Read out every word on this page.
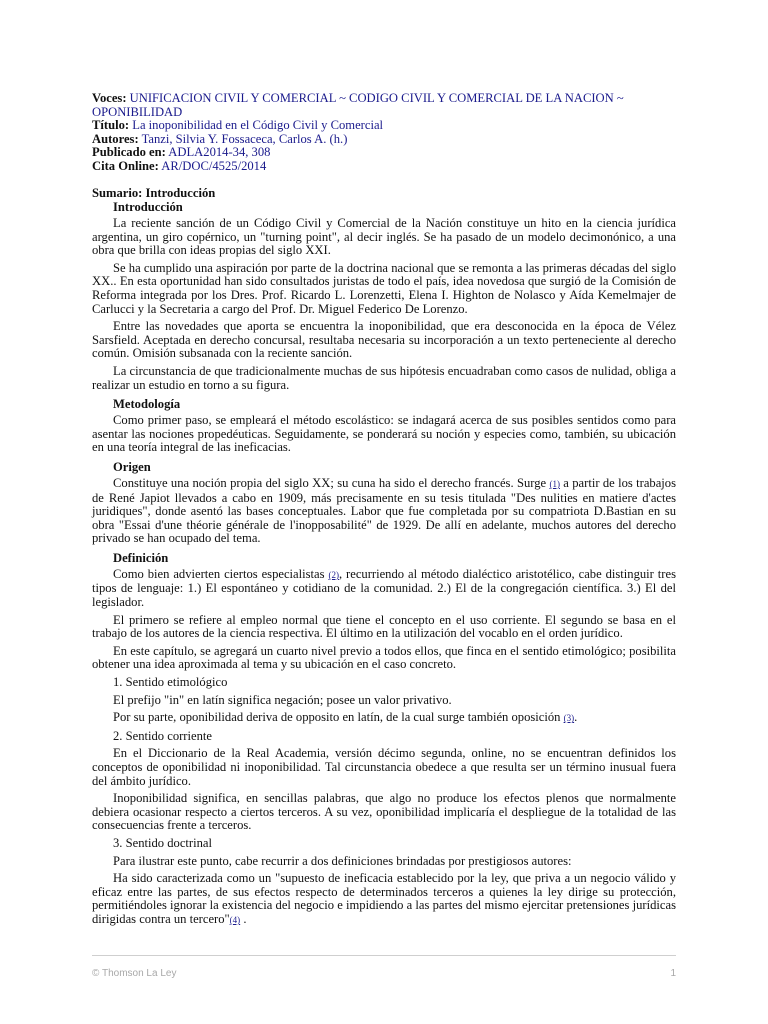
Voces: UNIFICACION CIVIL Y COMERCIAL ~ CODIGO CIVIL Y COMERCIAL DE LA NACION ~ OPONIBILIDAD
Título: La inoponibilidad en el Código Civil y Comercial
Autores: Tanzi, Silvia Y. Fossaceca, Carlos A. (h.)
Publicado en: ADLA2014-34, 308
Cita Online: AR/DOC/4525/2014
Sumario: Introducción
Introducción

La reciente sanción de un Código Civil y Comercial de la Nación constituye un hito en la ciencia jurídica argentina, un giro copérnico, un "turning point", al decir inglés. Se ha pasado de un modelo decimonónico, a una obra que brilla con ideas propias del siglo XXI.

Se ha cumplido una aspiración por parte de la doctrina nacional que se remonta a las primeras décadas del siglo XX.. En esta oportunidad han sido consultados juristas de todo el país, idea novedosa que surgió de la Comisión de Reforma integrada por los Dres. Prof. Ricardo L. Lorenzetti, Elena I. Highton de Nolasco y Aída Kemelmajer de Carlucci y la Secretaria a cargo del Prof. Dr. Miguel Federico De Lorenzo.

Entre las novedades que aporta se encuentra la inoponibilidad, que era desconocida en la época de Vélez Sarsfield. Aceptada en derecho concursal, resultaba necesaria su incorporación a un texto perteneciente al derecho común. Omisión subsanada con la reciente sanción.

La circunstancia de que tradicionalmente muchas de sus hipótesis encuadraban como casos de nulidad, obliga a realizar un estudio en torno a su figura.

Metodología

Como primer paso, se empleará el método escolástico: se indagará acerca de sus posibles sentidos como para asentar las nociones propedéuticas. Seguidamente, se ponderará su noción y especies como, también, su ubicación en una teoría integral de las ineficacias.

Origen

Constituye una noción propia del siglo XX; su cuna ha sido el derecho francés. Surge (1) a partir de los trabajos de René Japiot llevados a cabo en 1909, más precisamente en su tesis titulada "Des nulities en matiere d'actes juridiques", donde asentó las bases conceptuales. Labor que fue completada por su compatriota D.Bastian en su obra "Essai d'une théorie générale de l'inopposabilité" de 1929. De allí en adelante, muchos autores del derecho privado se han ocupado del tema.

Definición

Como bien advierten ciertos especialistas (2), recurriendo al método dialéctico aristotélico, cabe distinguir tres tipos de lenguaje: 1.) El espontáneo y cotidiano de la comunidad. 2.) El de la congregación científica. 3.) El del legislador.

El primero se refiere al empleo normal que tiene el concepto en el uso corriente. El segundo se basa en el trabajo de los autores de la ciencia respectiva. El último en la utilización del vocablo en el orden jurídico.

En este capítulo, se agregará un cuarto nivel previo a todos ellos, que finca en el sentido etimológico; posibilita obtener una idea aproximada al tema y su ubicación en el caso concreto.

1. Sentido etimológico

El prefijo "in" en latín significa negación; posee un valor privativo.

Por su parte, oponibilidad deriva de opposito en latín, de la cual surge también oposición (3).

2. Sentido corriente

En el Diccionario de la Real Academia, versión décimo segunda, online, no se encuentran definidos los conceptos de oponibilidad ni inoponibilidad. Tal circunstancia obedece a que resulta ser un término inusual fuera del ámbito jurídico.

Inoponibilidad significa, en sencillas palabras, que algo no produce los efectos plenos que normalmente debiera ocasionar respecto a ciertos terceros. A su vez, oponibilidad implicaría el despliegue de la totalidad de las consecuencias frente a terceros.

3. Sentido doctrinal

Para ilustrar este punto, cabe recurrir a dos definiciones brindadas por prestigiosos autores:

Ha sido caracterizada como un "supuesto de ineficacia establecido por la ley, que priva a un negocio válido y eficaz entre las partes, de sus efectos respecto de determinados terceros a quienes la ley dirige su protección, permitiéndoles ignorar la existencia del negocio e impidiendo a las partes del mismo ejercitar pretensiones jurídicas dirigidas contra un tercero"(4) .

© Thomson La Ley	1
